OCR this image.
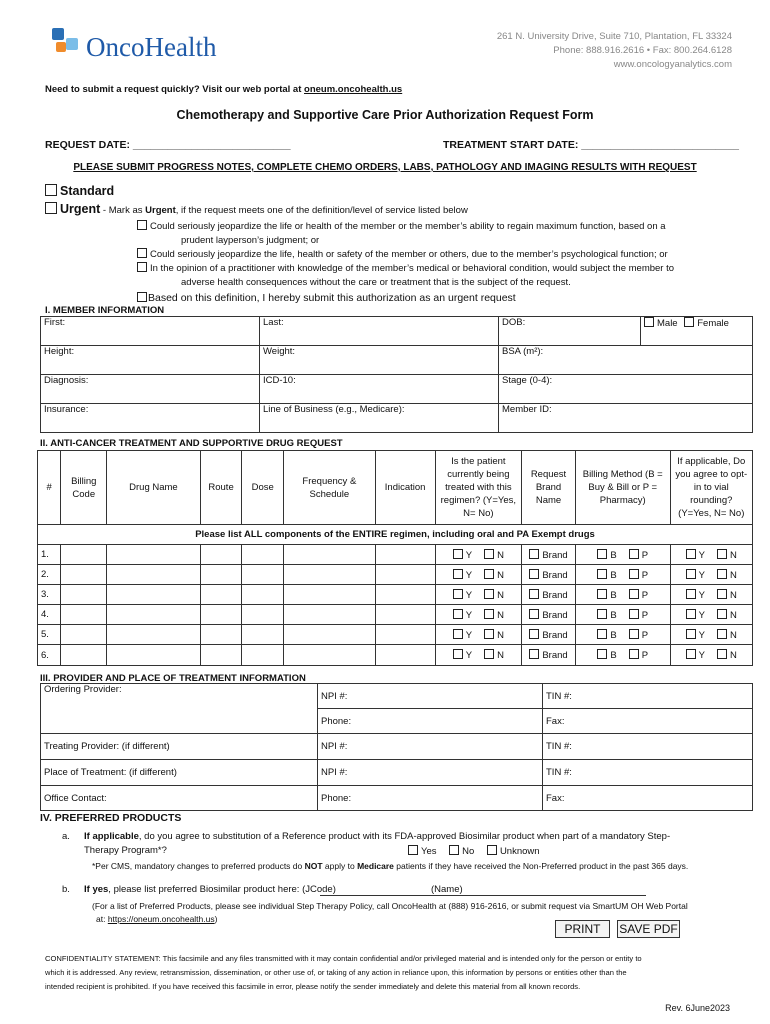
OncoHealth	261 N. University Drive, Suite 710, Plantation, FL 33324
Phone: 888.916.2616 • Fax: 800.264.6128
www.oncologyanalytics.com
Need to submit a request quickly? Visit our web portal at oneum.oncohealth.us
Chemotherapy and Supportive Care Prior Authorization Request Form
REQUEST DATE: ___________________________	TREATMENT START DATE: ___________________________
PLEASE SUBMIT PROGRESS NOTES, COMPLETE CHEMO ORDERS, LABS, PATHOLOGY AND IMAGING RESULTS WITH REQUEST
Standard
Urgent - Mark as Urgent, if the request meets one of the definition/level of service listed below
Could seriously jeopardize the life or health of the member or the member’s ability to regain maximum function, based on a
prudent layperson’s judgment; or
Could seriously jeopardize the life, health or safety of the member or others, due to the member’s psychological function; or
In the opinion of a practitioner with knowledge of the member’s medical or behavioral condition, would subject the member to
adverse health consequences without the care or treatment that is the subject of the request.
Based on this definition, I hereby submit this authorization as an urgent request
I. MEMBER INFORMATION
First:	Last:	DOB:	Male Female
Height:	Weight:	BSA (m²):	
Diagnosis:	ICD-10:	Stage (0-4):	
Insurance:	Line of Business (e.g., Medicare):	Member ID:	
II. ANTI-CANCER TREATMENT AND SUPPORTIVE DRUG REQUEST
#	Billing Code	Drug Name	Route	Dose	Frequency & Schedule	Indication	Is the patient currently being treated with this regimen? (Y=Yes, N= No)	Request Brand Name	Billing Method (B = Buy & Bill or P = Pharmacy)	If applicable, Do you agree to opt-in to vial rounding? (Y=Yes, N= No)
Please list ALL components of the ENTIRE regimen, including oral and PA Exempt drugs										
1.							Y N	Brand	B P	Y N
2.							Y N	Brand	B P	Y N
3.							Y N	Brand	B P	Y N
4.							Y N	Brand	B P	Y N
5.							Y N	Brand	B P	Y N
6.							Y N	Brand	B P	Y N
III. PROVIDER AND PLACE OF TREATMENT INFORMATION
Ordering Provider:	NPI #:	TIN #:
	Phone:	Fax:
Treating Provider: (if different)	NPI #:	TIN #:
Place of Treatment: (if different)	NPI #:	TIN #:
Office Contact:	Phone:	Fax:
IV. PREFERRED PRODUCTS
a. If applicable, do you agree to substitution of a Reference product with its FDA-approved Biosimilar product when part of a mandatory Step-
Therapy Program*?	Yes	No	Unknown
*Per CMS, mandatory changes to preferred products do NOT apply to Medicare patients if they have received the Non-Preferred product in the past 365 days.
b. If yes, please list preferred Biosimilar product here: (JCode)	(Name)
(For a list of Preferred Products, please see individual Step Therapy Policy, call OncoHealth at (888) 916-2616, or submit request via SmartUM OH Web Portal
at: https://oneum.oncohealth.us)
PRINT	SAVE PDF
CONFIDENTIALITY STATEMENT: This facsimile and any files transmitted with it may contain confidential and/or privileged material and is intended only for the person or entity to
which it is addressed. Any review, retransmission, dissemination, or other use of, or taking of any action in reliance upon, this information by persons or entities other than the
intended recipient is prohibited. If you have received this facsimile in error, please notify the sender immediately and delete this material from all known records.
Rev. 6June2023
